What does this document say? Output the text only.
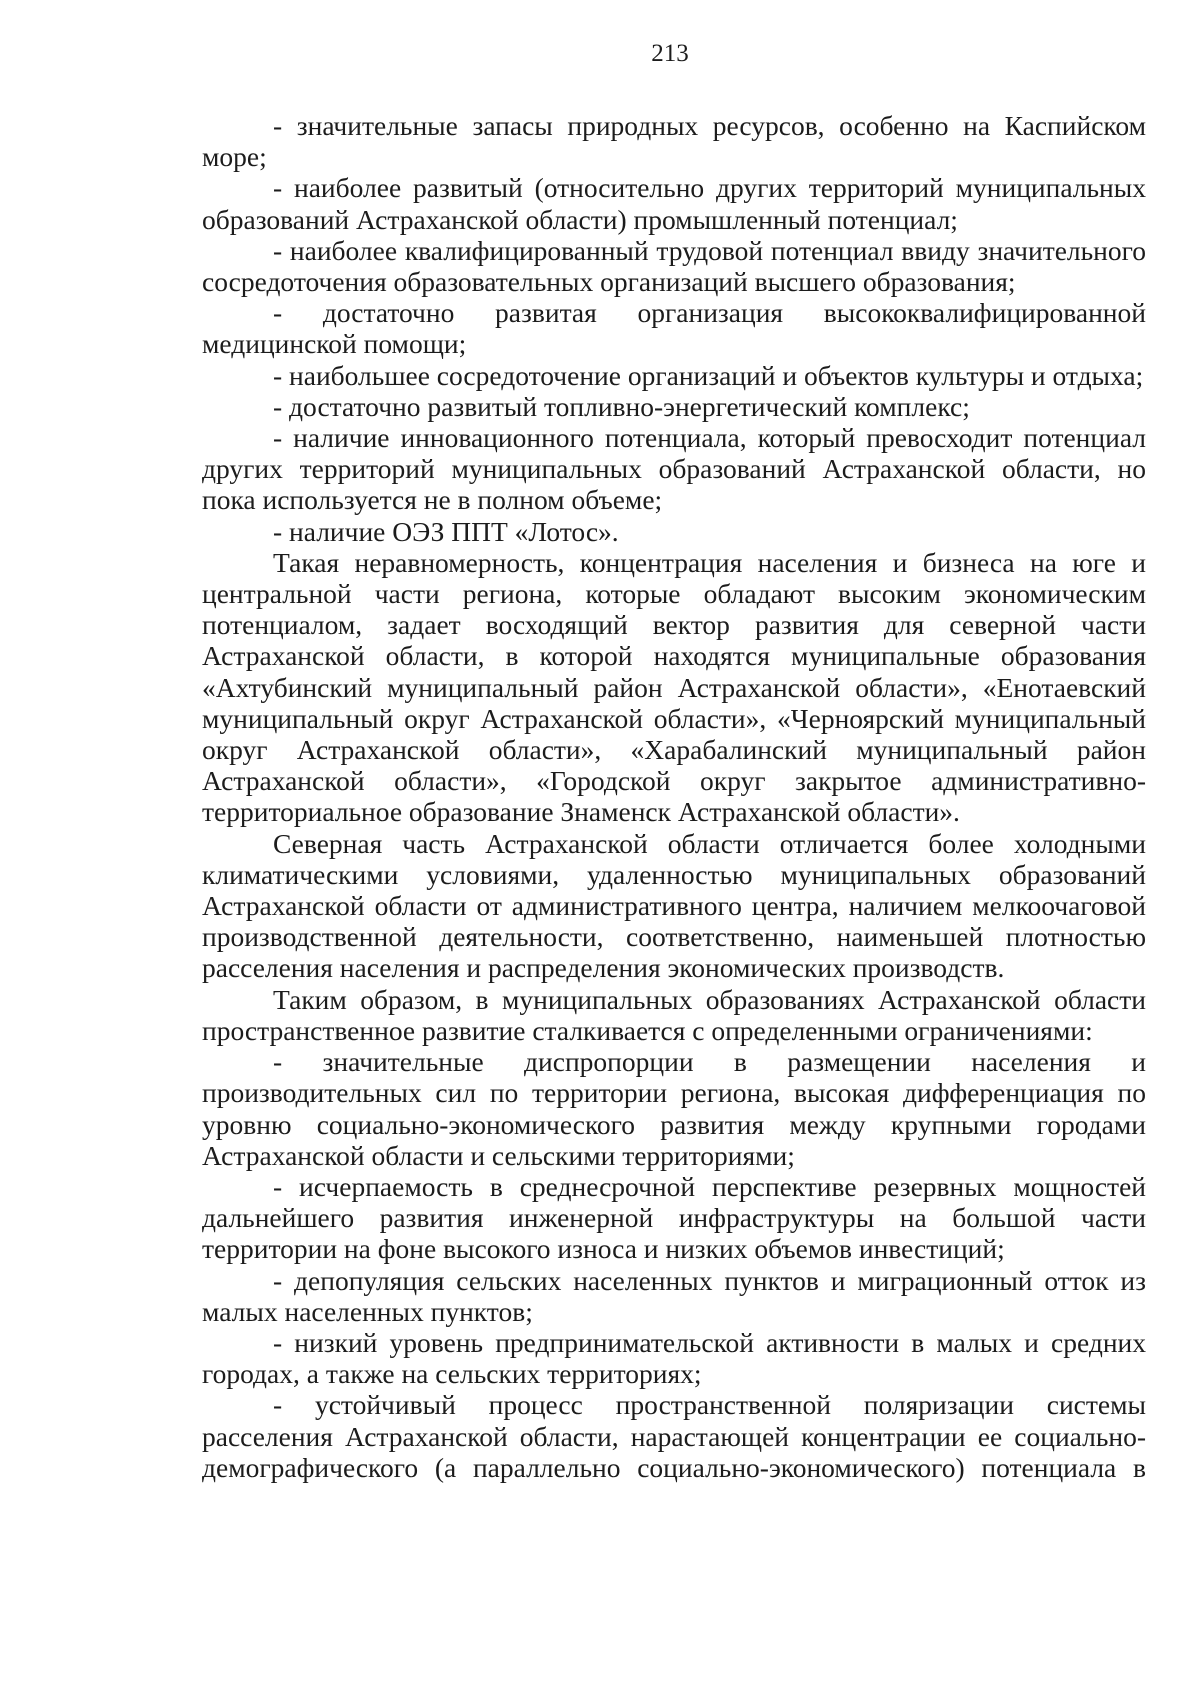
213

- значительные запасы природных ресурсов, особенно на Каспийском море;

- наиболее развитый (относительно других территорий муниципальных образований Астраханской области) промышленный потенциал;

- наиболее квалифицированный трудовой потенциал ввиду значительного сосредоточения образовательных организаций высшего образования;

- достаточно развитая организация высококвалифицированной медицинской помощи;

- наибольшее сосредоточение организаций и объектов культуры и отдыха;

- достаточно развитый топливно-энергетический комплекс;

- наличие инновационного потенциала, который превосходит потенциал других территорий муниципальных образований Астраханской области, но пока используется не в полном объеме;

- наличие ОЭЗ ППТ «Лотос».

Такая неравномерность, концентрация населения и бизнеса на юге и центральной части региона, которые обладают высоким экономическим потенциалом, задает восходящий вектор развития для северной части Астраханской области, в которой находятся муниципальные образования «Ахтубинский муниципальный район Астраханской области», «Енотаевский муниципальный округ Астраханской области», «Черноярский муниципальный округ Астраханской области», «Харабалинский муниципальный район Астраханской области», «Городской округ закрытое административно-территориальное образование Знаменск Астраханской области».

Северная часть Астраханской области отличается более холодными климатическими условиями, удаленностью муниципальных образований Астраханской области от административного центра, наличием мелкоочаговой производственной деятельности, соответственно, наименьшей плотностью расселения населения и распределения экономических производств.

Таким образом, в муниципальных образованиях Астраханской области пространственное развитие сталкивается с определенными ограничениями:

- значительные диспропорции в размещении населения и производительных сил по территории региона, высокая дифференциация по уровню социально-экономического развития между крупными городами Астраханской области и сельскими территориями;

- исчерпаемость в среднесрочной перспективе резервных мощностей дальнейшего развития инженерной инфраструктуры на большой части территории на фоне высокого износа и низких объемов инвестиций;

- депопуляция сельских населенных пунктов и миграционный отток из малых населенных пунктов;

- низкий уровень предпринимательской активности в малых и средних городах, а также на сельских территориях;

- устойчивый процесс пространственной поляризации системы расселения Астраханской области, нарастающей концентрации ее социально-демографического (а параллельно социально-экономического) потенциала в
